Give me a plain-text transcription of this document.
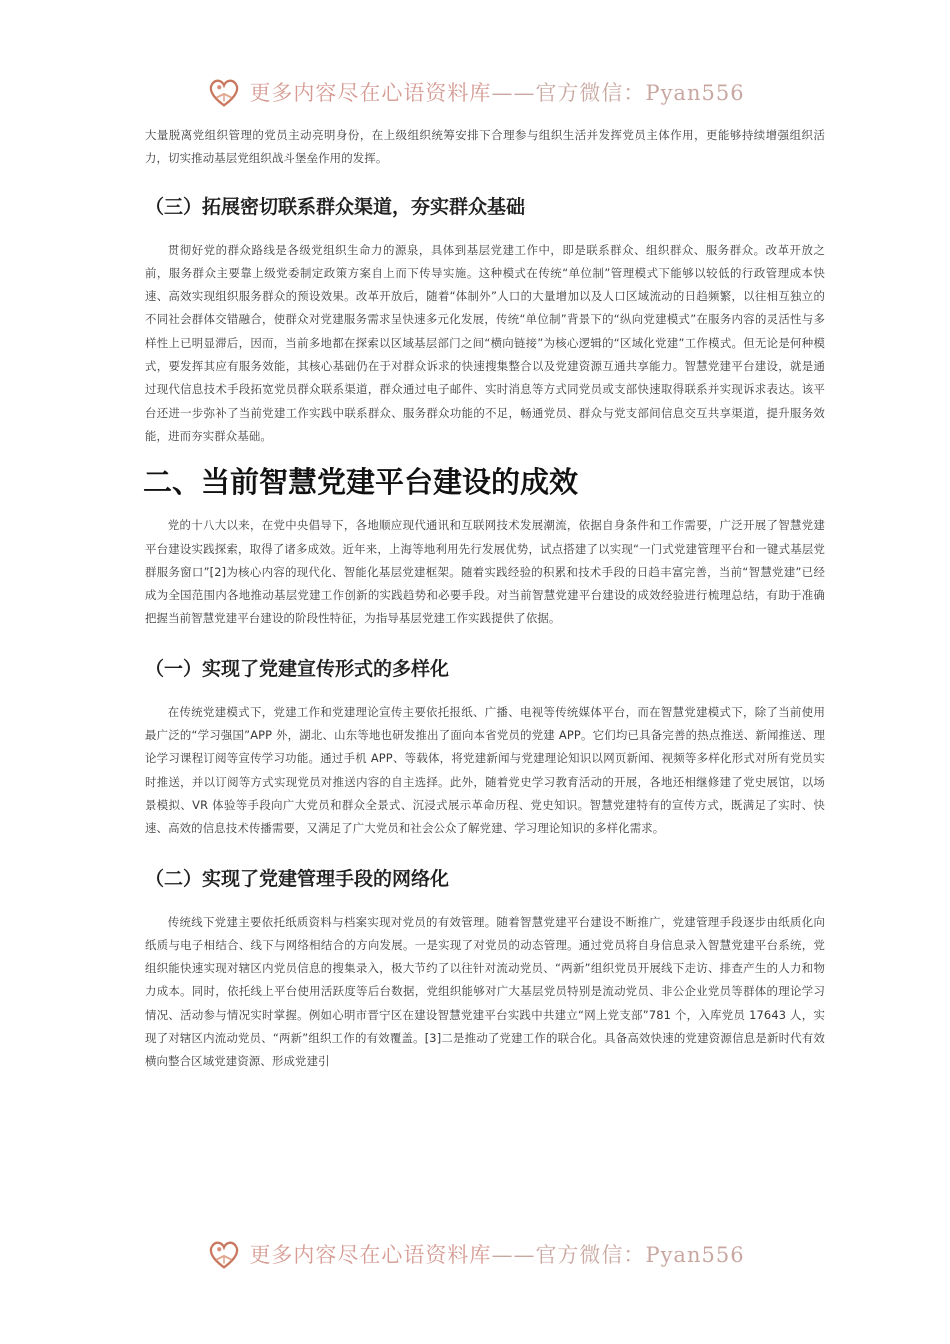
更多内容尽在心语资料库——官方微信：Pyan556

大量脱离党组织管理的党员主动亮明身份，在上级组织统筹安排下合理参与组织生活并发挥党员主体作用，更能够持续增强组织活力，切实推动基层党组织战斗堡垒作用的发挥。

（三）拓展密切联系群众渠道，夯实群众基础

贯彻好党的群众路线是各级党组织生命力的源泉，具体到基层党建工作中，即是联系群众、组织群众、服务群众。改革开放之前，服务群众主要靠上级党委制定政策方案自上而下传导实施。这种模式在传统“单位制”管理模式下能够以较低的行政管理成本快速、高效实现组织服务群众的预设效果。改革开放后，随着“体制外”人口的大量增加以及人口区域流动的日趋频繁，以往相互独立的不同社会群体交错融合，使群众对党建服务需求呈快速多元化发展，传统“单位制”背景下的“纵向党建模式”在服务内容的灵活性与多样性上已明显滞后，因而，当前多地都在探索以区域基层部门之间“横向链接”为核心逻辑的“区域化党建”工作模式。但无论是何种模式，要发挥其应有服务效能，其核心基础仍在于对群众诉求的快速搜集整合以及党建资源互通共享能力。智慧党建平台建设，就是通过现代信息技术手段拓宽党员群众联系渠道，群众通过电子邮件、实时消息等方式同党员或支部快速取得联系并实现诉求表达。该平台还进一步弥补了当前党建工作实践中联系群众、服务群众功能的不足，畅通党员、群众与党支部间信息交互共享渠道，提升服务效能，进而夯实群众基础。

二、当前智慧党建平台建设的成效

党的十八大以来，在党中央倡导下，各地顺应现代通讯和互联网技术发展潮流，依据自身条件和工作需要，广泛开展了智慧党建平台建设实践探索，取得了诸多成效。近年来，上海等地利用先行发展优势，试点搭建了以实现“一门式党建管理平台和一键式基层党群服务窗口”[2]为核心内容的现代化、智能化基层党建框架。随着实践经验的积累和技术手段的日趋丰富完善，当前“智慧党建”已经成为全国范围内各地推动基层党建工作创新的实践趋势和必要手段。对当前智慧党建平台建设的成效经验进行梳理总结，有助于准确把握当前智慧党建平台建设的阶段性特征，为指导基层党建工作实践提供了依据。

（一）实现了党建宣传形式的多样化

在传统党建模式下，党建工作和党建理论宣传主要依托报纸、广播、电视等传统媒体平台，而在智慧党建模式下，除了当前使用最广泛的“学习强国”APP 外，湖北、山东等地也研发推出了面向本省党员的党建 APP。它们均已具备完善的热点推送、新闻推送、理论学习课程订阅等宣传学习功能。通过手机 APP、等载体，将党建新闻与党建理论知识以网页新闻、视频等多样化形式对所有党员实时推送，并以订阅等方式实现党员对推送内容的自主选择。此外，随着党史学习教育活动的开展，各地还相继修建了党史展馆，以场景模拟、VR 体验等手段向广大党员和群众全景式、沉浸式展示革命历程、党史知识。智慧党建特有的宣传方式，既满足了实时、快速、高效的信息技术传播需要，又满足了广大党员和社会公众了解党建、学习理论知识的多样化需求。

（二）实现了党建管理手段的网络化

传统线下党建主要依托纸质资料与档案实现对党员的有效管理。随着智慧党建平台建设不断推广，党建管理手段逐步由纸质化向纸质与电子相结合、线下与网络相结合的方向发展。一是实现了对党员的动态管理。通过党员将自身信息录入智慧党建平台系统，党组织能快速实现对辖区内党员信息的搜集录入，极大节约了以往针对流动党员、“两新”组织党员开展线下走访、排查产生的人力和物力成本。同时，依托线上平台使用活跃度等后台数据，党组织能够对广大基层党员特别是流动党员、非公企业党员等群体的理论学习情况、活动参与情况实时掌握。例如心明市晋宁区在建设智慧党建平台实践中共建立“网上党支部”781 个，入库党员 17643 人，实现了对辖区内流动党员、“两新”组织工作的有效覆盖。[3]二是推动了党建工作的联合化。具备高效快速的党建资源信息是新时代有效横向整合区域党建资源、形成党建引

更多内容尽在心语资料库——官方微信：Pyan556
